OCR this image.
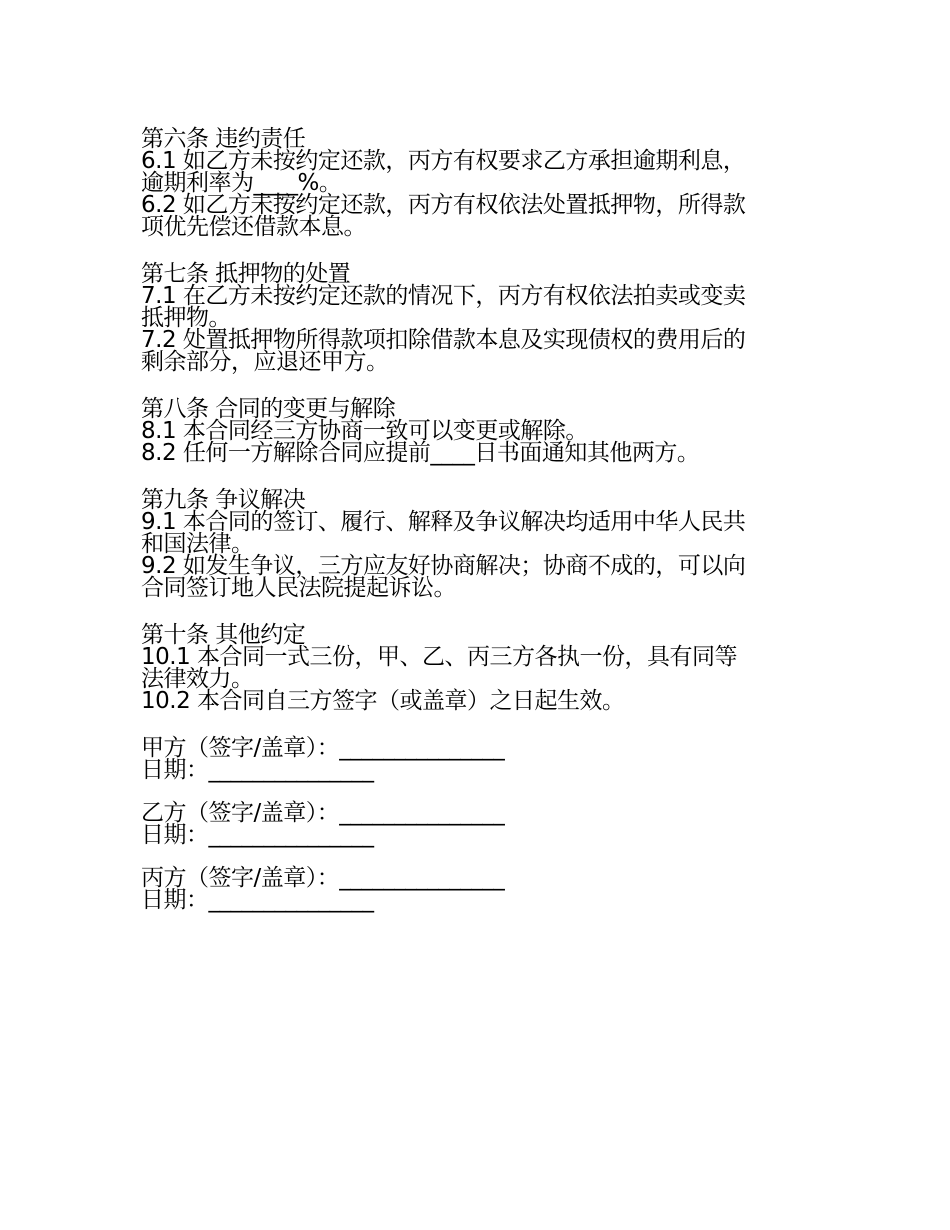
第六条 违约责任
6.1 如乙方未按约定还款，丙方有权要求乙方承担逾期利息，
逾期利率为____%。
6.2 如乙方未按约定还款，丙方有权依法处置抵押物，所得款
项优先偿还借款本息。
第七条 抵押物的处置
7.1 在乙方未按约定还款的情况下，丙方有权依法拍卖或变卖
抵押物。
7.2 处置抵押物所得款项扣除借款本息及实现债权的费用后的
剩余部分，应退还甲方。
第八条 合同的变更与解除
8.1 本合同经三方协商一致可以变更或解除。
8.2 任何一方解除合同应提前____日书面通知其他两方。
第九条 争议解决
9.1 本合同的签订、履行、解释及争议解决均适用中华人民共
和国法律。
9.2 如发生争议，三方应友好协商解决；协商不成的，可以向
合同签订地人民法院提起诉讼。
第十条 其他约定
10.1 本合同一式三份，甲、乙、丙三方各执一份，具有同等
法律效力。
10.2 本合同自三方签字（或盖章）之日起生效。
甲方（签字/盖章）：_______________
日期：_______________
乙方（签字/盖章）：_______________
日期：_______________
丙方（签字/盖章）：_______________
日期：_______________
